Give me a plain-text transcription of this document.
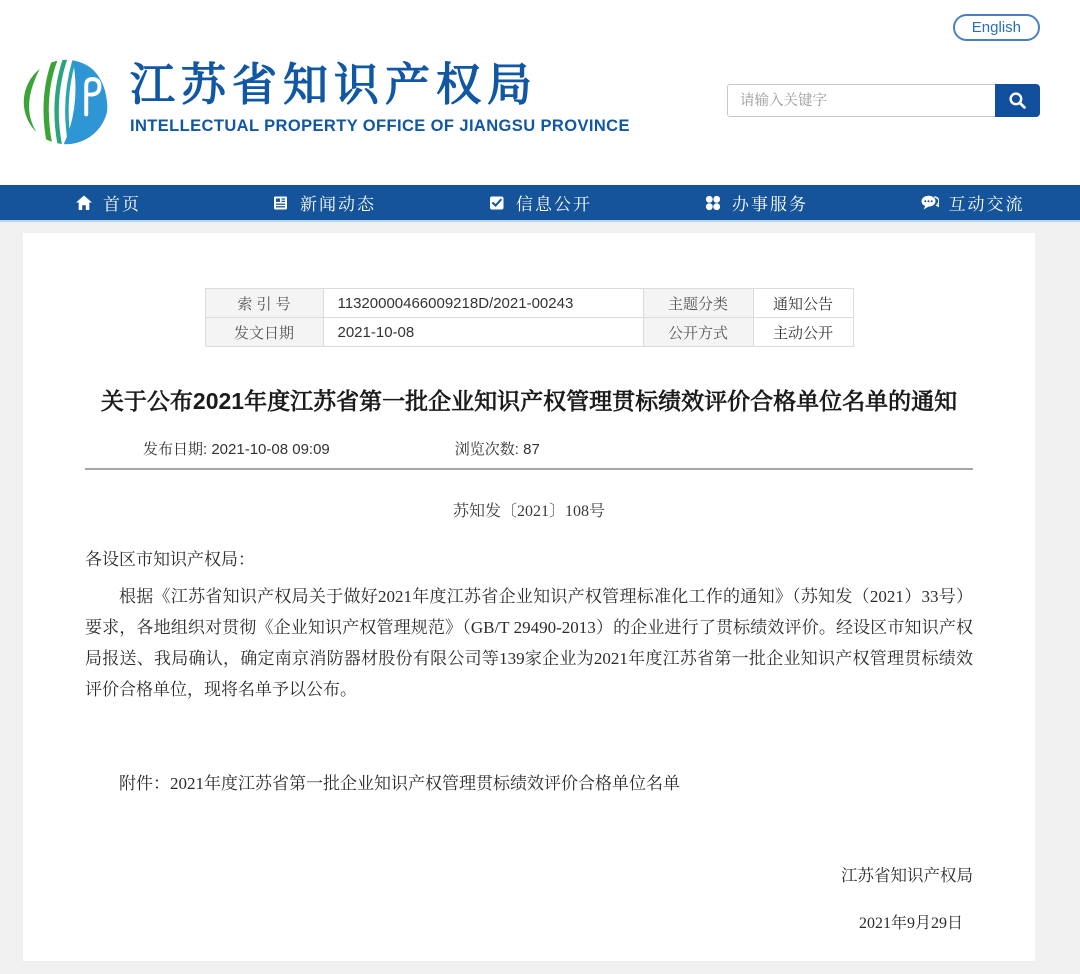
江苏省知识产权局
INTELLECTUAL PROPERTY OFFICE OF JIANGSU PROVINCE
English
请输入关键字
首页	新闻动态	信息公开	办事服务	互动交流
索 引 号	11320000466009218D/2021-00243	主题分类	通知公告
发文日期	2021-10-08	公开方式	主动公开
关于公布2021年度江苏省第一批企业知识产权管理贯标绩效评价合格单位名单的通知
发布日期: 2021-10-08 09:09	浏览次数: 87
苏知发〔2021〕108号
各设区市知识产权局：

根据《江苏省知识产权局关于做好2021年度江苏省企业知识产权管理标准化工作的通知》（苏知发（2021）33号）要求，各地组织对贯彻《企业知识产权管理规范》（GB/T 29490-2013）的企业进行了贯标绩效评价。经设区市知识产权局报送、我局确认，确定南京消防器材股份有限公司等139家企业为2021年度江苏省第一批企业知识产权管理贯标绩效评价合格单位，现将名单予以公布。

附件：2021年度江苏省第一批企业知识产权管理贯标绩效评价合格单位名单
江苏省知识产权局
2021年9月29日
